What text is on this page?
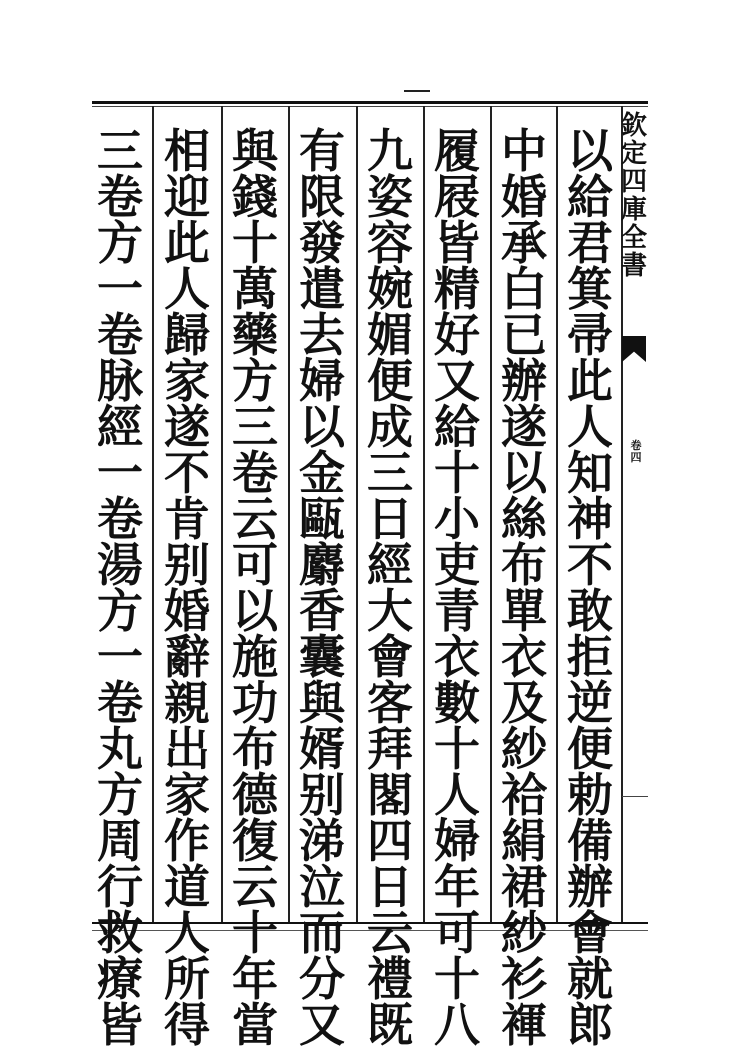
以
給
君
箕
帚
此
人
知
神
不
敢
拒
逆
便
勅
備
辦
會
就
郎
中
婚
承
白
已
辦
遂
以
絲
布
單
衣
及
紗
袷
絹
裙
紗
衫
褌
履
屐
皆
精
好
又
給
十
小
吏
青
衣
數
十
人
婦
年
可
十
八
九
姿
容
婉
媚
便
成
三
日
經
大
會
客
拜
閣
四
日
云
禮
既
有
限
發
遣
去
婦
以
金
甌
麝
香
囊
與
婿
别
涕
泣
而
分
又
與
錢
十
萬
藥
方
三
卷
云
可
以
施
功
布
德
復
云
十
年
當
相
迎
此
人
歸
家
遂
不
肯
别
婚
辭
親
出
家
作
道
人
所
得
三
卷
方
一
卷
脉
經
一
卷
湯
方
一
卷
丸
方
周
行
救
療
皆
欽
定
四
庫
全
書
卷四
